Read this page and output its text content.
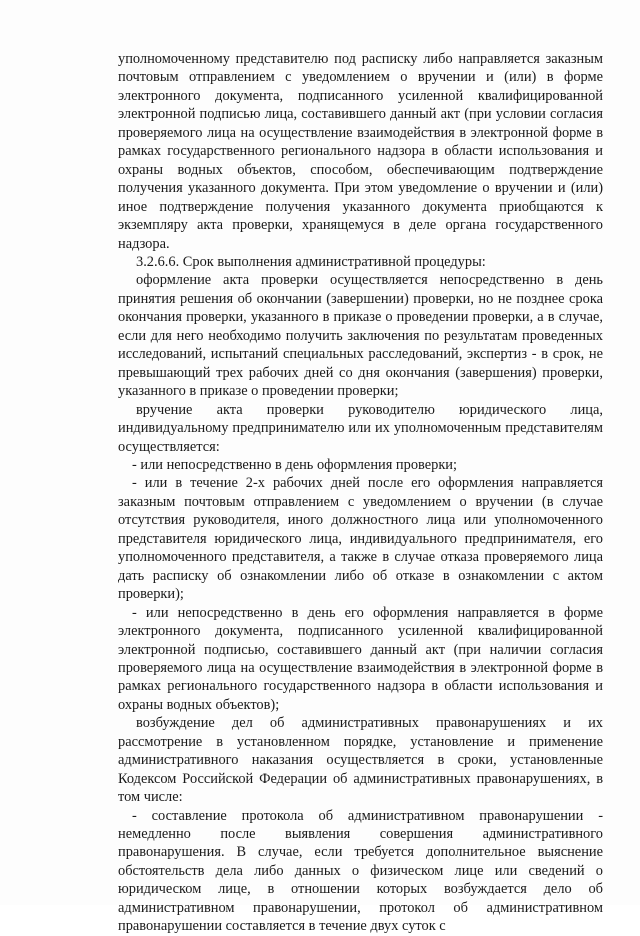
уполномоченному представителю под расписку либо направляется заказным почтовым отправлением с уведомлением о вручении и (или) в форме электронного документа, подписанного усиленной квалифицированной электронной подписью лица, составившего данный акт (при условии согласия проверяемого лица на осуществление взаимодействия в электронной форме в рамках государственного регионального надзора в области использования и охраны водных объектов, способом, обеспечивающим подтверждение получения указанного документа. При этом уведомление о вручении и (или) иное подтверждение получения указанного документа приобщаются к экземпляру акта проверки, хранящемуся в деле органа государственного надзора.

3.2.6.6. Срок выполнения административной процедуры:

оформление акта проверки осуществляется непосредственно в день принятия решения об окончании (завершении) проверки, но не позднее срока окончания проверки, указанного в приказе о проведении проверки, а в случае, если для него необходимо получить заключения по результатам проведенных исследований, испытаний специальных расследований, экспертиз - в срок, не превышающий трех рабочих дней со дня окончания (завершения) проверки, указанного в приказе о проведении проверки;

вручение акта проверки руководителю юридического лица, индивидуальному предпринимателю или их уполномоченным представителям осуществляется:

- или непосредственно в день оформления проверки;

- или в течение 2-х рабочих дней после его оформления направляется заказным почтовым отправлением с уведомлением о вручении (в случае отсутствия руководителя, иного должностного лица или уполномоченного представителя юридического лица, индивидуального предпринимателя, его уполномоченного представителя, а также в случае отказа проверяемого лица дать расписку об ознакомлении либо об отказе в ознакомлении с актом проверки);

- или непосредственно в день его оформления направляется в форме электронного документа, подписанного усиленной квалифицированной электронной подписью, составившего данный акт (при наличии согласия проверяемого лица на осуществление взаимодействия в электронной форме в рамках регионального государственного надзора в области использования и охраны водных объектов);

возбуждение дел об административных правонарушениях и их рассмотрение в установленном порядке, установление и применение административного наказания осуществляется в сроки, установленные Кодексом Российской Федерации об административных правонарушениях, в том числе:

- составление протокола об административном правонарушении - немедленно после выявления совершения административного правонарушения. В случае, если требуется дополнительное выяснение обстоятельств дела либо данных о физическом лице или сведений о юридическом лице, в отношении которых возбуждается дело об административном правонарушении, протокол об административном правонарушении составляется в течение двух суток с
